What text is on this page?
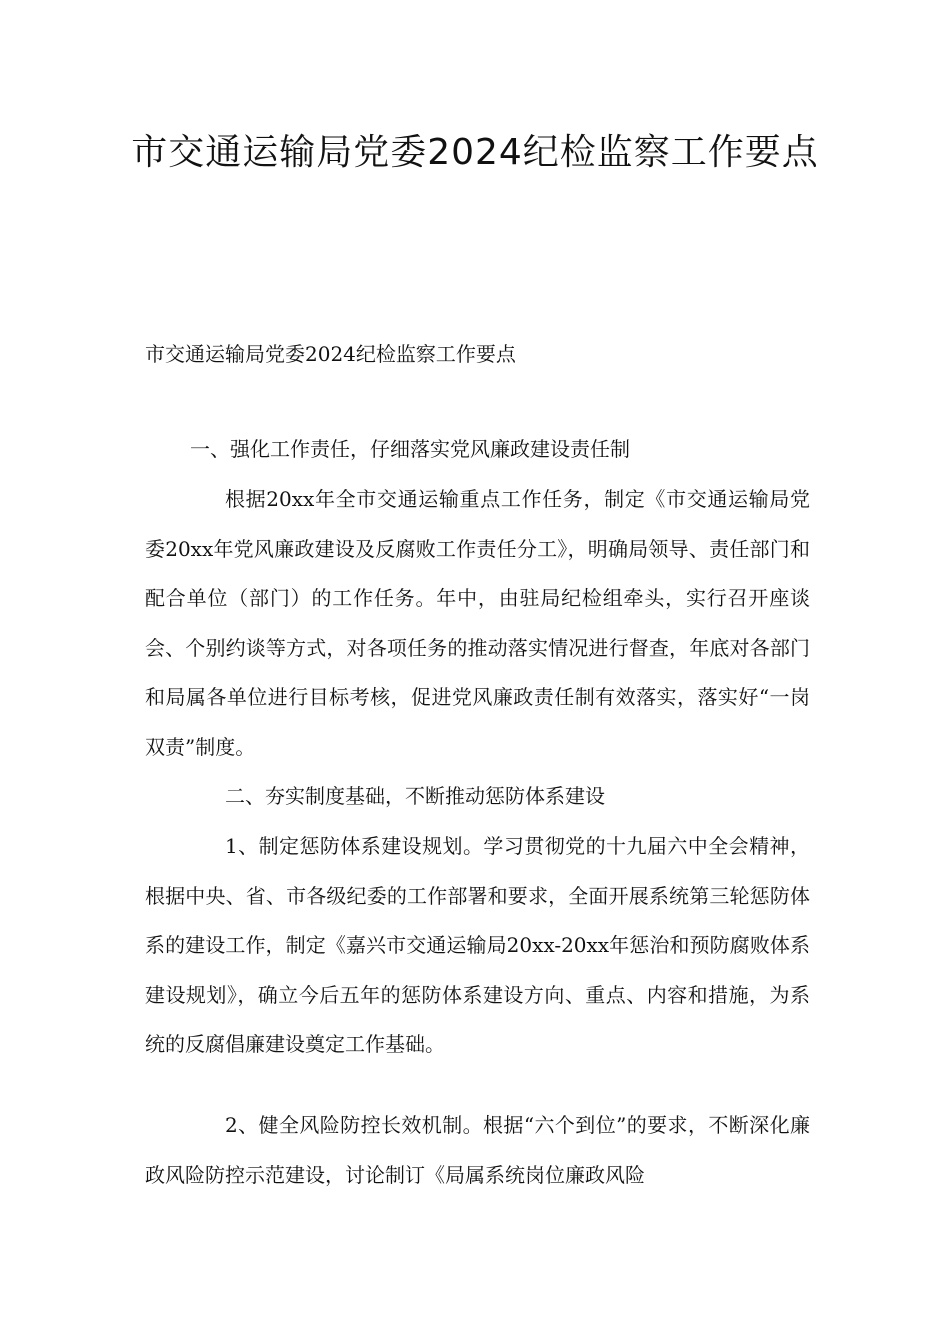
市交通运输局党委2024纪检监察工作要点

市交通运输局党委2024纪检监察工作要点

一、强化工作责任，仔细落实党风廉政建设责任制

根据20xx年全市交通运输重点工作任务，制定《市交通运输局党委20xx年党风廉政建设及反腐败工作责任分工》，明确局领导、责任部门和配合单位（部门）的工作任务。年中，由驻局纪检组牵头，实行召开座谈会、个别约谈等方式，对各项任务的推动落实情况进行督查，年底对各部门和局属各单位进行目标考核，促进党风廉政责任制有效落实，落实好“一岗双责”制度。

二、夯实制度基础，不断推动惩防体系建设

1、制定惩防体系建设规划。学习贯彻党的十九届六中全会精神，根据中央、省、市各级纪委的工作部署和要求，全面开展系统第三轮惩防体系的建设工作，制定《嘉兴市交通运输局20xx-20xx年惩治和预防腐败体系建设规划》，确立今后五年的惩防体系建设方向、重点、内容和措施，为系统的反腐倡廉建设奠定工作基础。

2、健全风险防控长效机制。根据“六个到位”的要求，不断深化廉政风险防控示范建设，讨论制订《局属系统岗位廉政风险
